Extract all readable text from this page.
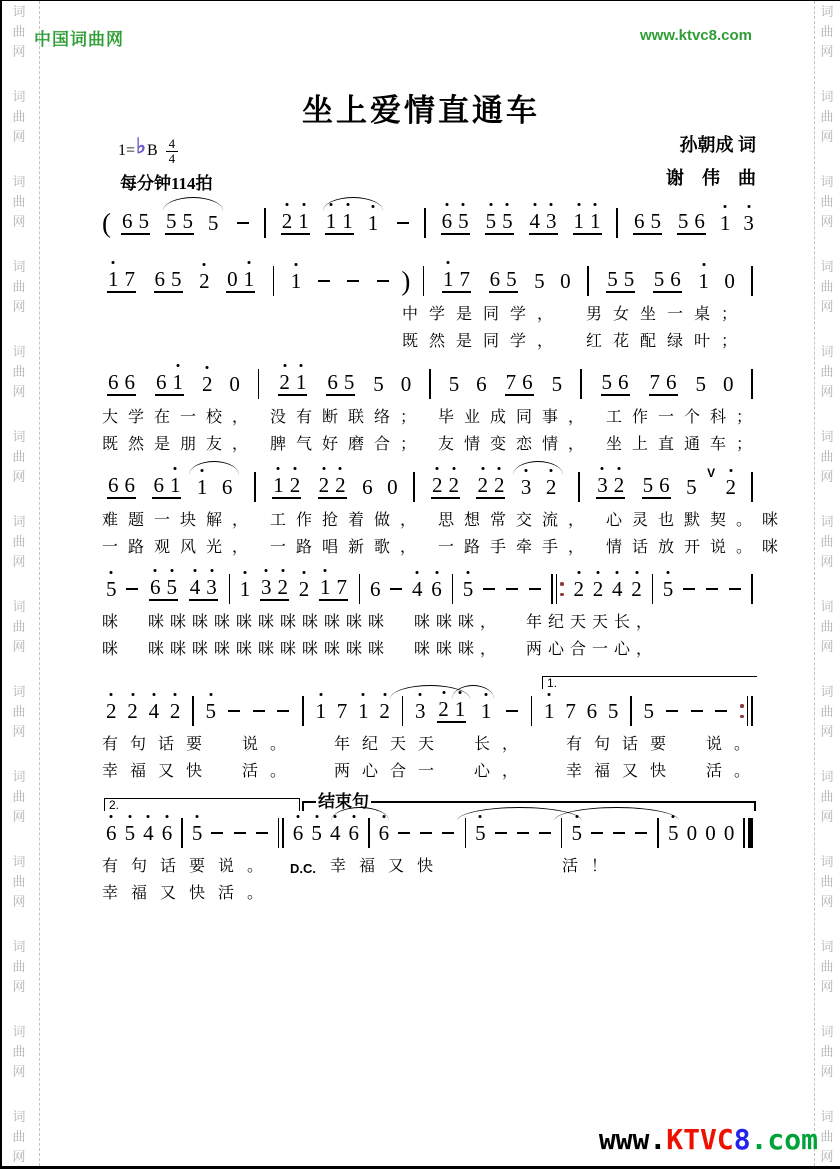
词
曲
网
词
曲
网
词
曲
网
词
曲
网
词
曲
网
词
曲
网
词
曲
网
词
曲
网
词
曲
网
词
曲
网
词
曲
网
词
曲
网
词
曲
网
词
曲
网
词
曲
网
词
曲
网
词
曲
网
词
曲
网
词
曲
网
词
曲
网
词
曲
网
词
曲
网
词
曲
网
词
曲
网
词
曲
网
词
曲
网
词
曲
网
词
曲
网
中国词曲网	www.ktvc8.com
坐上爱情直通车
1= ♭ B $\frac{4}{4}$
每分钟114拍
孙朝成 词
谢　伟　曲
( 6 5 5 5 5	2 1 1 1 1	6 5 5 5 4 3 1 1 6 5 5 6 1 3
1 7 6 5 2 0 1 1	) 1 7 6 5 5 0 5 5 5 6 1 0
中学是同学， 男女坐一桌；
既然是同学， 红花配绿叶；
6 6 6 1 2 0 2 1 6 5 5 0 5 6 7 6 5 5 6 7 6 5 0
大学在一校， 没有断联络； 毕业成同事， 工作一个科；
既然是朋友， 脾气好磨合； 友情变恋情， 坐上直通车；
6 6 6 1 1 6 1 2 2 2 6 0 2 2 2 2 3 2 3 2 5 6 5
V
2
难题一块解， 工作抢着做， 思想常交流， 心灵也默契。咪
一路观风光， 一路唱新歌， 一路手牵手， 情话放开说。咪
5 6 5 4 3 1 3 2 2 1 7 6 4 6 5	2 2 4 2 5
咪 咪咪咪咪咪咪咪咪咪咪咪 咪咪咪， 年纪天天长，
咪 咪咪咪咪咪咪咪咪咪咪咪 咪咪咪， 两心合一心，
1.
2 2 4 2 5	1 7 1 2 3 2 1 1	1 7 6 5 5
有句话要　说。 年纪天天　长， 有句话要　说。
幸福又快　活。 两心合一　心， 幸福又快　活。
2.	结束句
6 5 4 6 5	6 5 4 6 6	5	5	5 0 0 0
有句话要说。 D.C. 幸福又快　　　　活！
幸福又快活。
www.KTVC8.com
